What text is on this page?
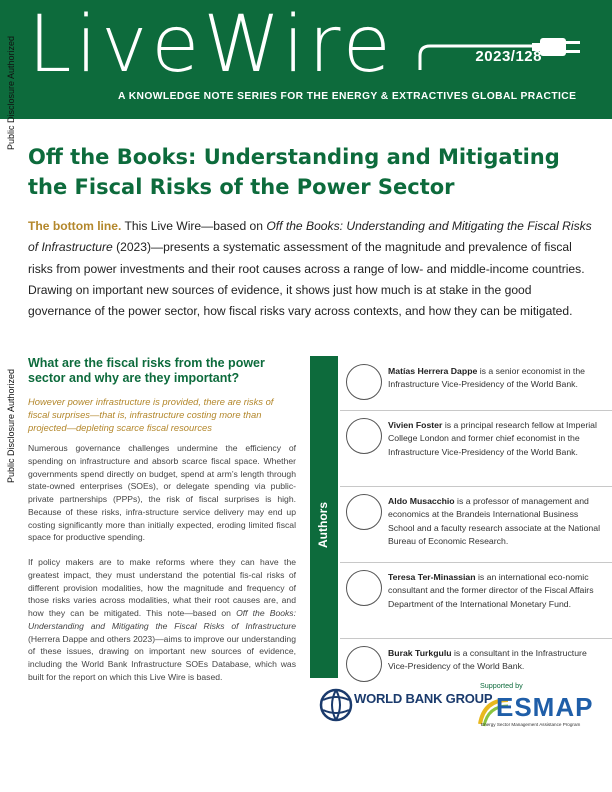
LiveWire	2023/128
A KNOWLEDGE NOTE SERIES FOR THE ENERGY & EXTRACTIVES GLOBAL PRACTICE
Public Disclosure Authorized
Public Disclosure Authorized
Off the Books: Understanding and Mitigating the Fiscal Risks of the Power Sector

The bottom line. This Live Wire—based on Off the Books: Understanding and Mitigating the Fiscal Risks of Infrastructure (2023)—presents a systematic assessment of the magnitude and prevalence of fiscal risks from power investments and their root causes across a range of low- and middle-income countries. Drawing on important new sources of evidence, it shows just how much is at stake in the good governance of the power sector, how fiscal risks vary across contexts, and how they can be mitigated.

What are the fiscal risks from the power sector and why are they important?

However power infrastructure is provided, there are risks of fiscal surprises—that is, infrastructure costing more than projected—depleting scarce fiscal resources

Numerous governance challenges undermine the efficiency of spending on infrastructure and absorb scarce fiscal space. Whether governments spend directly on budget, spend at arm’s length through state-owned enterprises (SOEs), or delegate spending via public-private partnerships (PPPs), the risk of fiscal surprises is high. Because of these risks, infra-structure service delivery may end up costing significantly more than initially expected, eroding limited fiscal space for productive spending.

If policy makers are to make reforms where they can have the greatest impact, they must understand the potential fis-cal risks of different provision modalities, how the magnitude and frequency of those risks varies across modalities, what their root causes are, and how they can be mitigated. This note—based on Off the Books: Understanding and Mitigating the Fiscal Risks of Infrastructure (Herrera Dappe and others 2023)—aims to improve our understanding of these issues, drawing on important new sources of evidence, including the World Bank Infrastructure SOEs Database, which was built for the report on which this Live Wire is based.

Authors

Matías Herrera Dappe is a senior economist in the Infrastructure Vice-Presidency of the World Bank.

Vivien Foster is a principal research fellow at Imperial College London and former chief economist in the Infrastructure Vice-Presidency of the World Bank.

Aldo Musacchio is a professor of management and economics at the Brandeis International Business School and a faculty research associate at the National Bureau of Economic Research.

Teresa Ter-Minassian is an international eco-nomic consultant and the former director of the Fiscal Affairs Department of the International Monetary Fund.

Burak Turkgulu is a consultant in the Infrastructure Vice-Presidency of the World Bank.

WORLD BANK GROUP
Supported by
ESMAP
Energy Sector Management Assistance Program
